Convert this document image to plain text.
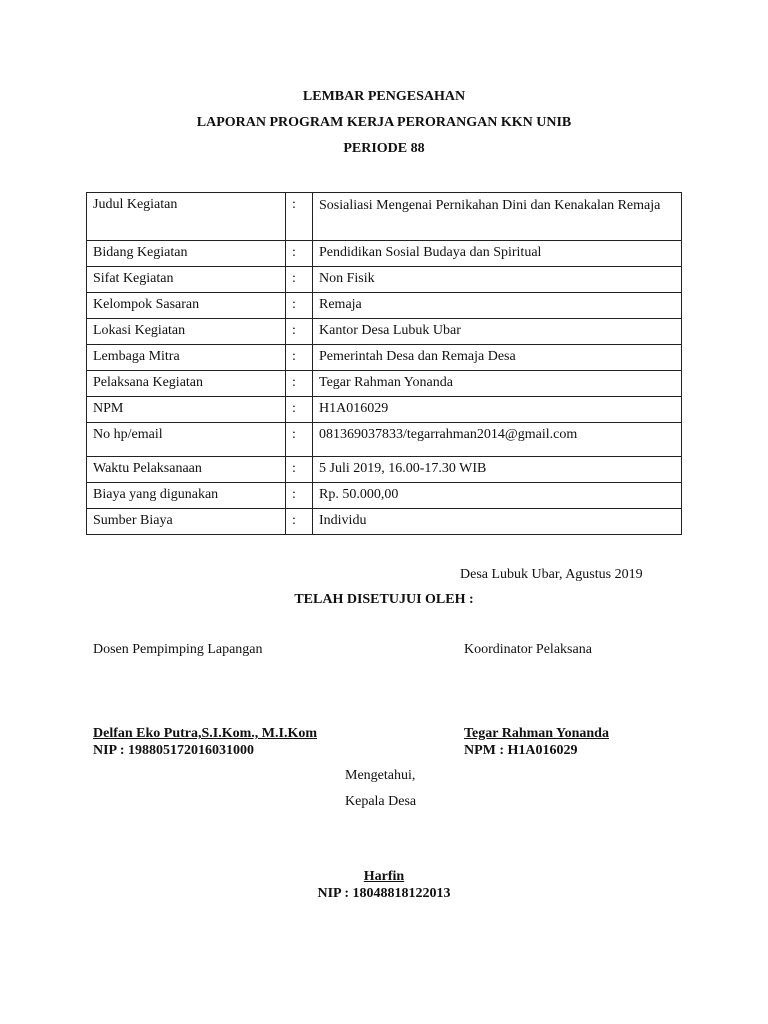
LEMBAR PENGESAHAN
LAPORAN PROGRAM KERJA PERORANGAN KKN UNIB
PERIODE 88
Judul Kegiatan	:	Sosialiasi Mengenai Pernikahan Dini dan Kenakalan Remaja
Bidang Kegiatan	:	Pendidikan Sosial Budaya dan Spiritual
Sifat Kegiatan	:	Non Fisik
Kelompok Sasaran	:	Remaja
Lokasi Kegiatan	:	Kantor Desa Lubuk Ubar
Lembaga Mitra	:	Pemerintah Desa dan Remaja Desa
Pelaksana Kegiatan	:	Tegar Rahman Yonanda
NPM	:	H1A016029
No hp/email	:	081369037833/tegarrahman2014@gmail.com
Waktu Pelaksanaan	:	5 Juli 2019, 16.00-17.30 WIB
Biaya yang digunakan	:	Rp. 50.000,00
Sumber Biaya	:	Individu
Desa Lubuk Ubar, Agustus 2019
TELAH DISETUJUI OLEH :
Dosen Pempimping Lapangan	Koordinator Pelaksana
Delfan Eko Putra,S.I.Kom., M.I.Kom
NIP : 198805172016031000
Tegar Rahman Yonanda
NPM : H1A016029
Mengetahui,
Kepala Desa
Harfin
NIP : 18048818122013
